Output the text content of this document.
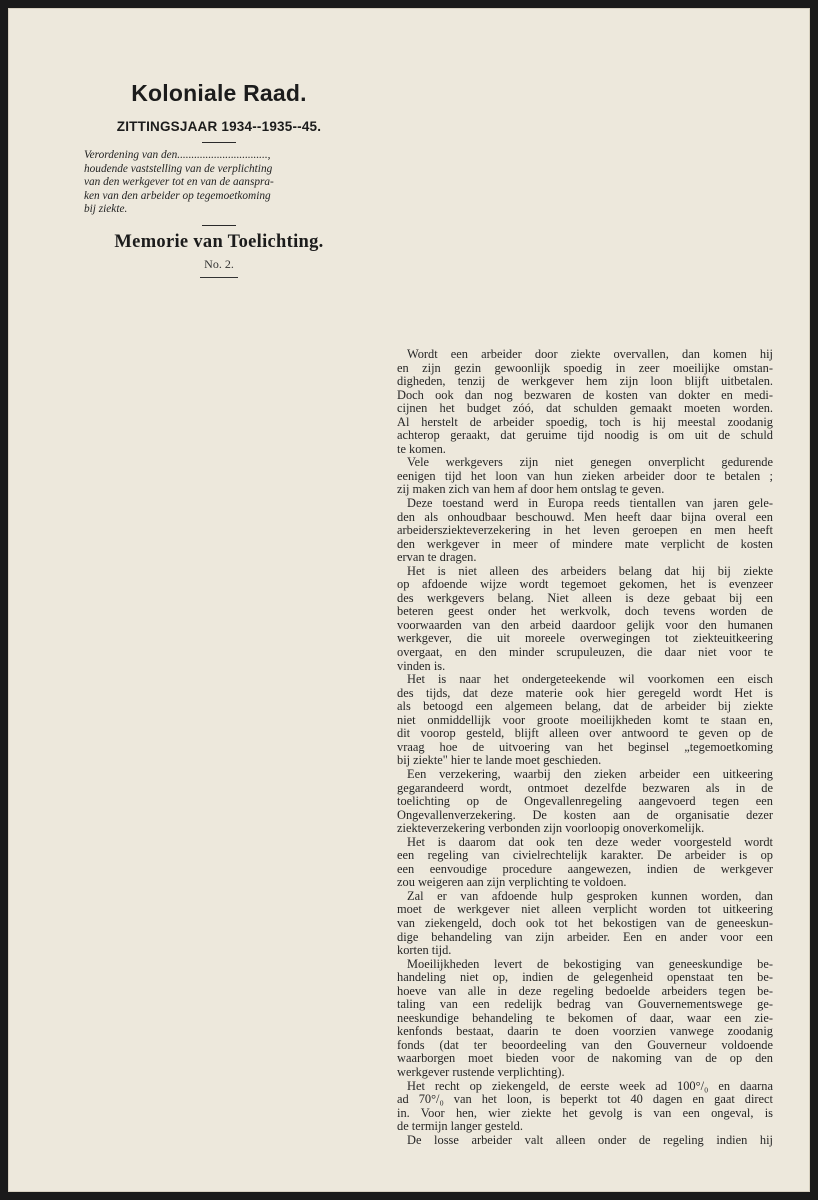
Koloniale Raad.

ZITTINGSJAAR 1934--1935--45.

Verordening van den................................,
houdende vaststelling van de verplichting
van den werkgever tot en van de aanspra-
ken van den arbeider op tegemoetkoming
bij ziekte.
Memorie van Toelichting.

No. 2.

Wordt een arbeider door ziekte overvallen, dan komen hij
en zijn gezin gewoonlijk spoedig in zeer moeilijke omstan-
digheden, tenzij de werkgever hem zijn loon blijft uitbetalen.
Doch ook dan nog bezwaren de kosten van dokter en medi-
cijnen het budget zóó, dat schulden gemaakt moeten worden.
Al herstelt de arbeider spoedig, toch is hij meestal zoodanig
achterop geraakt, dat geruime tijd noodig is om uit de schuld
te komen.
Vele werkgevers zijn niet genegen onverplicht gedurende
eenigen tijd het loon van hun zieken arbeider door te betalen ;
zij maken zich van hem af door hem ontslag te geven.
Deze toestand werd in Europa reeds tientallen van jaren gele-
den als onhoudbaar beschouwd. Men heeft daar bijna overal een
arbeidersziekteverzekering in het leven geroepen en men heeft
den werkgever in meer of mindere mate verplicht de kosten
ervan te dragen.
Het is niet alleen des arbeiders belang dat hij bij ziekte
op afdoende wijze wordt tegemoet gekomen, het is evenzeer
des werkgevers belang. Niet alleen is deze gebaat bij een
beteren geest onder het werkvolk, doch tevens worden de
voorwaarden van den arbeid daardoor gelijk voor den humanen
werkgever, die uit moreele overwegingen tot ziekteuitkeering
overgaat, en den minder scrupuleuzen, die daar niet voor te
vinden is.
Het is naar het ondergeteekende wil voorkomen een eisch
des tijds, dat deze materie ook hier geregeld wordt Het is
als betoogd een algemeen belang, dat de arbeider bij ziekte
niet onmiddellijk voor groote moeilijkheden komt te staan en,
dit voorop gesteld, blijft alleen over antwoord te geven op de
vraag hoe de uitvoering van het beginsel „tegemoetkoming
bij ziekte" hier te lande moet geschieden.
Een verzekering, waarbij den zieken arbeider een uitkeering
gegarandeerd wordt, ontmoet dezelfde bezwaren als in de
toelichting op de Ongevallenregeling aangevoerd tegen een
Ongevallenverzekering. De kosten aan de organisatie dezer
ziekteverzekering verbonden zijn voorloopig onoverkomelijk.
Het is daarom dat ook ten deze weder voorgesteld wordt
een regeling van civielrechtelijk karakter. De arbeider is op
een eenvoudige procedure aangewezen, indien de werkgever
zou weigeren aan zijn verplichting te voldoen.
Zal er van afdoende hulp gesproken kunnen worden, dan
moet de werkgever niet alleen verplicht worden tot uitkeering
van ziekengeld, doch ook tot het bekostigen van de geneeskun-
dige behandeling van zijn arbeider. Een en ander voor een
korten tijd.
Moeilijkheden levert de bekostiging van geneeskundige be-
handeling niet op, indien de gelegenheid openstaat ten be-
hoeve van alle in deze regeling bedoelde arbeiders tegen be-
taling van een redelijk bedrag van Gouvernementswege ge-
neeskundige behandeling te bekomen of daar, waar een zie-
kenfonds bestaat, daarin te doen voorzien vanwege zoodanig
fonds (dat ter beoordeeling van den Gouverneur voldoende
waarborgen moet bieden voor de nakoming van de op den
werkgever rustende verplichting).
Het recht op ziekengeld, de eerste week ad 100°/₀ en daarna
ad 70°/₀ van het loon, is beperkt tot 40 dagen en gaat direct
in. Voor hen, wier ziekte het gevolg is van een ongeval, is
de termijn langer gesteld.
De losse arbeider valt alleen onder de regeling indien hij
